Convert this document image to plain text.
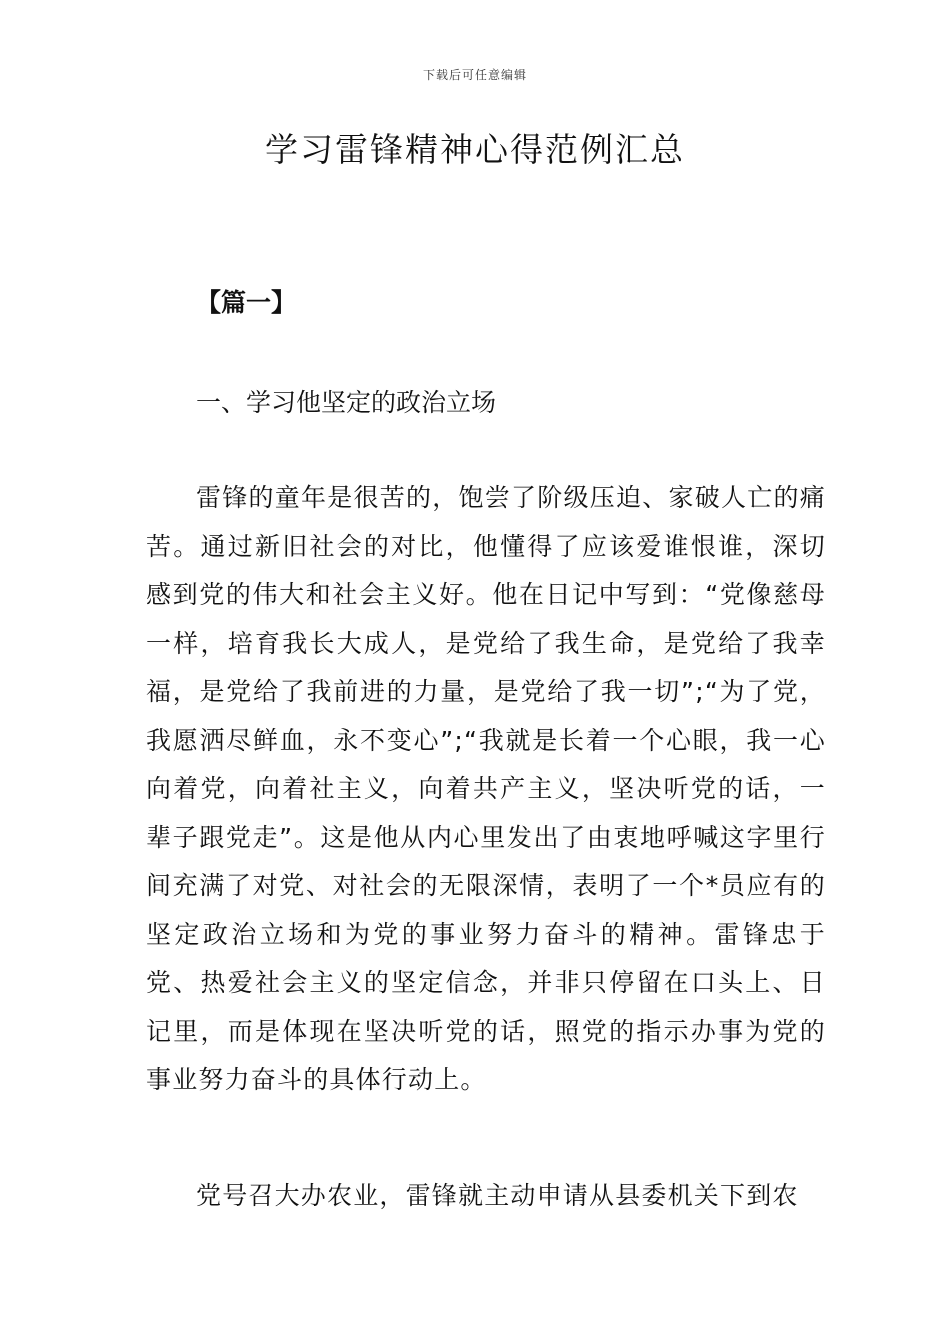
下载后可任意编辑
学习雷锋精神心得范例汇总
【篇一】
一、学习他坚定的政治立场

雷锋的童年是很苦的，饱尝了阶级压迫、家破人亡的痛苦。通过新旧社会的对比，他懂得了应该爱谁恨谁，深切感到党的伟大和社会主义好。他在日记中写到：“党像慈母一样，培育我长大成人，是党给了我生命，是党给了我幸福，是党给了我前进的力量，是党给了我一切”;“为了党，我愿洒尽鲜血，永不变心”;“我就是长着一个心眼，我一心向着党，向着社主义，向着共产主义，坚决听党的话，一辈子跟党走”。这是他从内心里发出了由衷地呼喊这字里行间充满了对党、对社会的无限深情，表明了一个*员应有的坚定政治立场和为党的事业努力奋斗的精神。雷锋忠于党、热爱社会主义的坚定信念，并非只停留在口头上、日记里，而是体现在坚决听党的话，照党的指示办事为党的事业努力奋斗的具体行动上。

党号召大办农业，雷锋就主动申请从县委机关下到农
